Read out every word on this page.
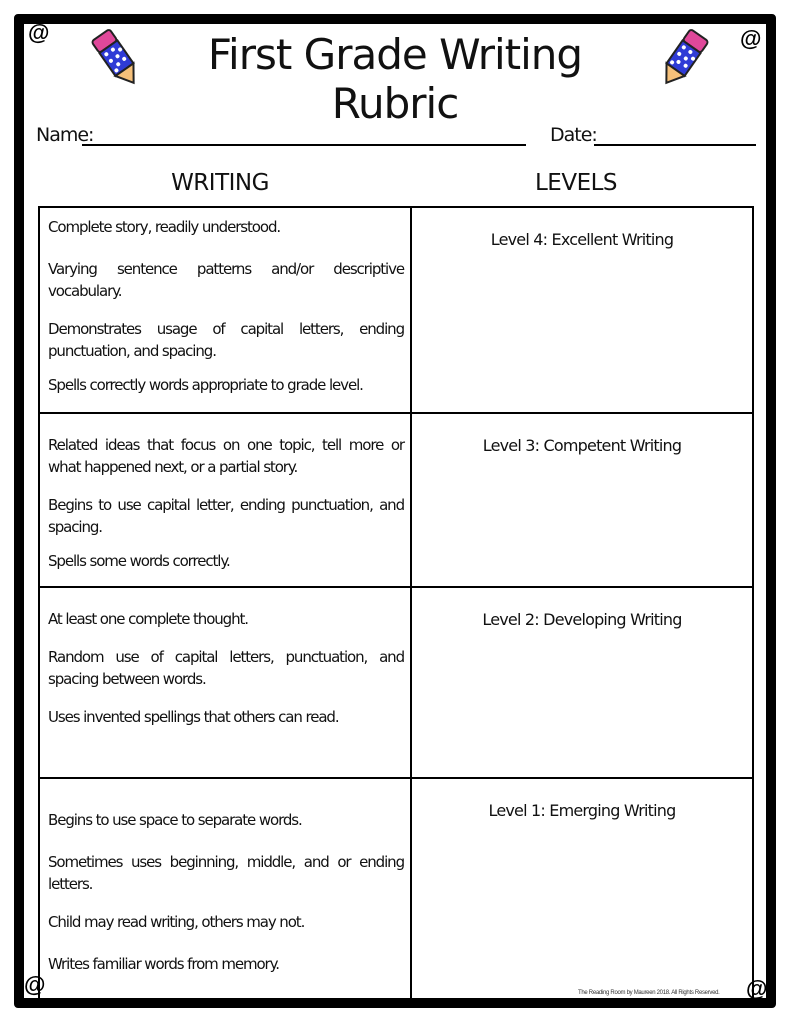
@	@
@	@
First Grade Writing Rubric
Name:	Date:
WRITING	LEVELS

Complete story, readily understood.

Varying sentence patterns and/or descriptive vocabulary.

Demonstrates usage of capital letters, ending punctuation, and spacing.

Spells correctly words appropriate to grade level.	Level 4: Excellent Writing

Related ideas that focus on one topic, tell more or what happened next, or a partial story.

Begins to use capital letter, ending punctuation, and spacing.

Spells some words correctly.	Level 3: Competent Writing

At least one complete thought.

Random use of capital letters, punctuation, and spacing between words.

Uses invented spellings that others can read.	Level 2: Developing Writing

Begins to use space to separate words.

Sometimes uses beginning, middle, and or ending letters.

Child may read writing, others may not.

Writes familiar words from memory.	Level 1: Emerging Writing
The Reading Room by Maureen 2018. All Rights Reserved.
